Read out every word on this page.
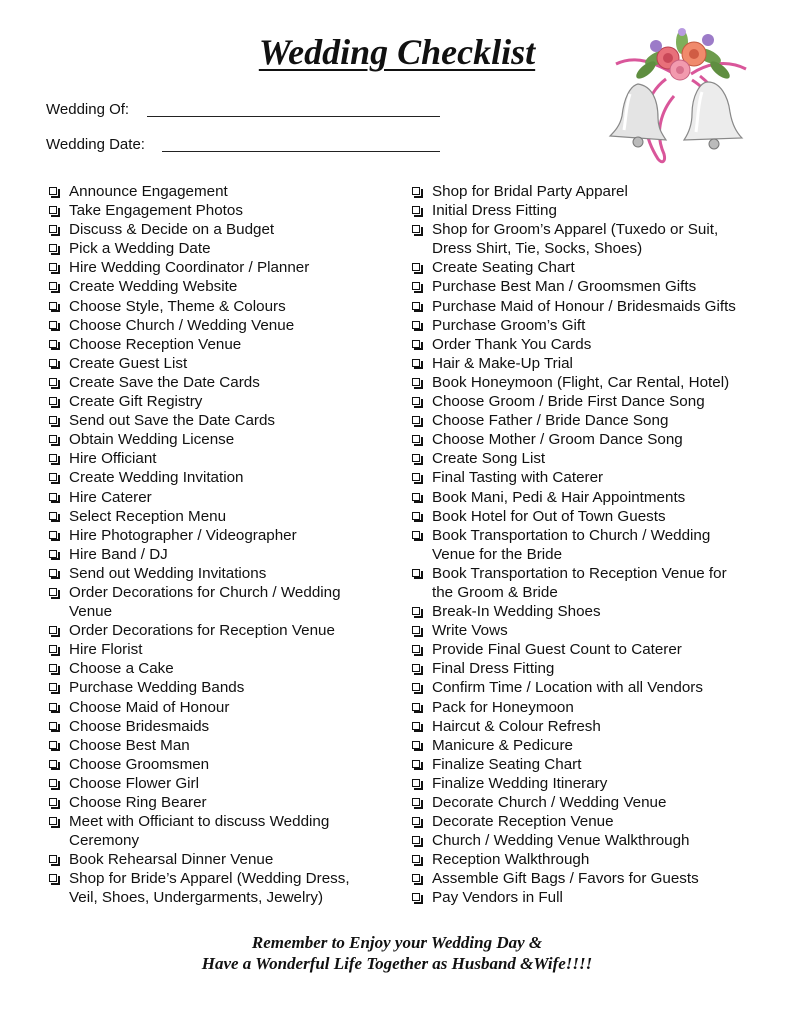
Wedding Checklist
Wedding Of:
Wedding Date:
Announce Engagement
Take Engagement Photos
Discuss & Decide on a Budget
Pick a Wedding Date
Hire Wedding Coordinator / Planner
Create Wedding Website
Choose Style, Theme & Colours
Choose Church / Wedding Venue
Choose Reception Venue
Create Guest List
Create Save the Date Cards
Create Gift Registry
Send out Save the Date Cards
Obtain Wedding License
Hire Officiant
Create Wedding Invitation
Hire Caterer
Select Reception Menu
Hire Photographer / Videographer
Hire Band / DJ
Send out Wedding Invitations
Order Decorations for Church / Wedding
Venue
Order Decorations for Reception Venue
Hire Florist
Choose a Cake
Purchase Wedding Bands
Choose Maid of Honour
Choose Bridesmaids
Choose Best Man
Choose Groomsmen
Choose Flower Girl
Choose Ring Bearer
Meet with Officiant to discuss Wedding
Ceremony
Book Rehearsal Dinner Venue
Shop for Bride’s Apparel (Wedding Dress,
Veil, Shoes, Undergarments, Jewelry)
Shop for Bridal Party Apparel
Initial Dress Fitting
Shop for Groom’s Apparel (Tuxedo or Suit,
Dress Shirt, Tie, Socks, Shoes)
Create Seating Chart
Purchase Best Man / Groomsmen Gifts
Purchase Maid of Honour / Bridesmaids Gifts
Purchase Groom’s Gift
Order Thank You Cards
Hair & Make-Up Trial
Book Honeymoon (Flight, Car Rental, Hotel)
Choose Groom / Bride First Dance Song
Choose Father / Bride Dance Song
Choose Mother / Groom Dance Song
Create Song List
Final Tasting with Caterer
Book Mani, Pedi & Hair Appointments
Book Hotel for Out of Town Guests
Book Transportation to Church / Wedding
Venue for the Bride
Book Transportation to Reception Venue for
the Groom & Bride
Break-In Wedding Shoes
Write Vows
Provide Final Guest Count to Caterer
Final Dress Fitting
Confirm Time / Location with all Vendors
Pack for Honeymoon
Haircut & Colour Refresh
Manicure & Pedicure
Finalize Seating Chart
Finalize Wedding Itinerary
Decorate Church / Wedding Venue
Decorate Reception Venue
Church / Wedding Venue Walkthrough
Reception Walkthrough
Assemble Gift Bags / Favors for Guests
Pay Vendors in Full
Remember to Enjoy your Wedding Day &
Have a Wonderful Life Together as Husband &Wife!!!!
